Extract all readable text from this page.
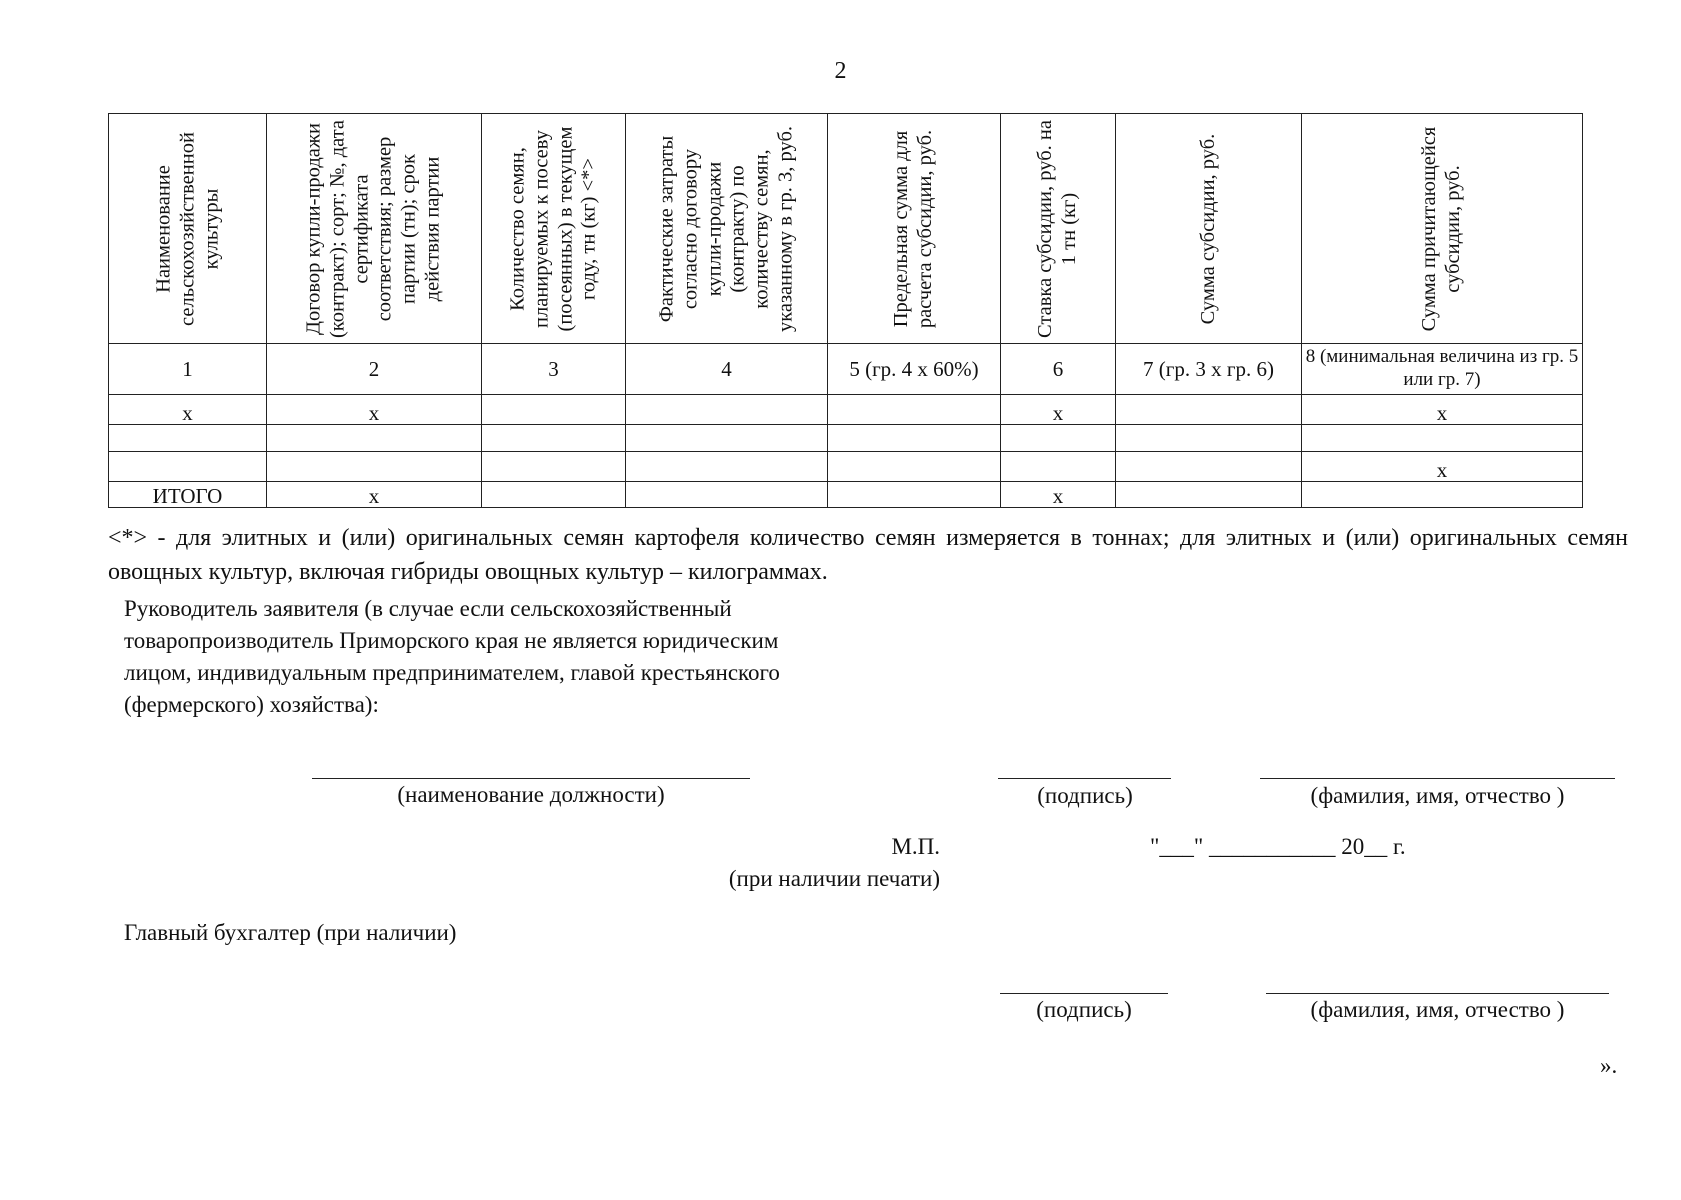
2
Наименование сельскохозяйственной культуры	Договор купли-продажи (контракт); сорт; №, дата сертификата соответствия; размер партии (тн); срок действия партии	Количество семян, планируемых к посеву (посеянных) в текущем году, тн (кг) <*>	Фактические затраты согласно договору купли-продажи (контракту) по количеству семян, указанному в гр. 3, руб.	Предельная сумма для расчета субсидии, руб.	Ставка субсидии, руб. на 1 тн (кг)	Сумма субсидии, руб.	Сумма причитающейся субсидии, руб.

1	2	3	4	5 (гр. 4 x 60%)	6	7 (гр. 3 x гр. 6)	8 (минимальная величина из гр. 5 или гр. 7)
x	x				x		x

							x
ИТОГО	x				x		
<*> - для элитных и (или) оригинальных семян картофеля количество семян измеряется в тоннах; для элитных и (или) оригинальных семян овощных культур, включая гибриды овощных культур – килограммах.
Руководитель заявителя (в случае если сельскохозяйственный
товаропроизводитель Приморского края не является юридическим
лицом, индивидуальным предпринимателем, главой крестьянского
(фермерского) хозяйства):
(наименование должности)	(подпись)	(фамилия, имя, отчество )
М.П.
(при наличии печати)
"___" ___________ 20__ г.
Главный бухгалтер (при наличии)
(подпись)	(фамилия, имя, отчество )
».
